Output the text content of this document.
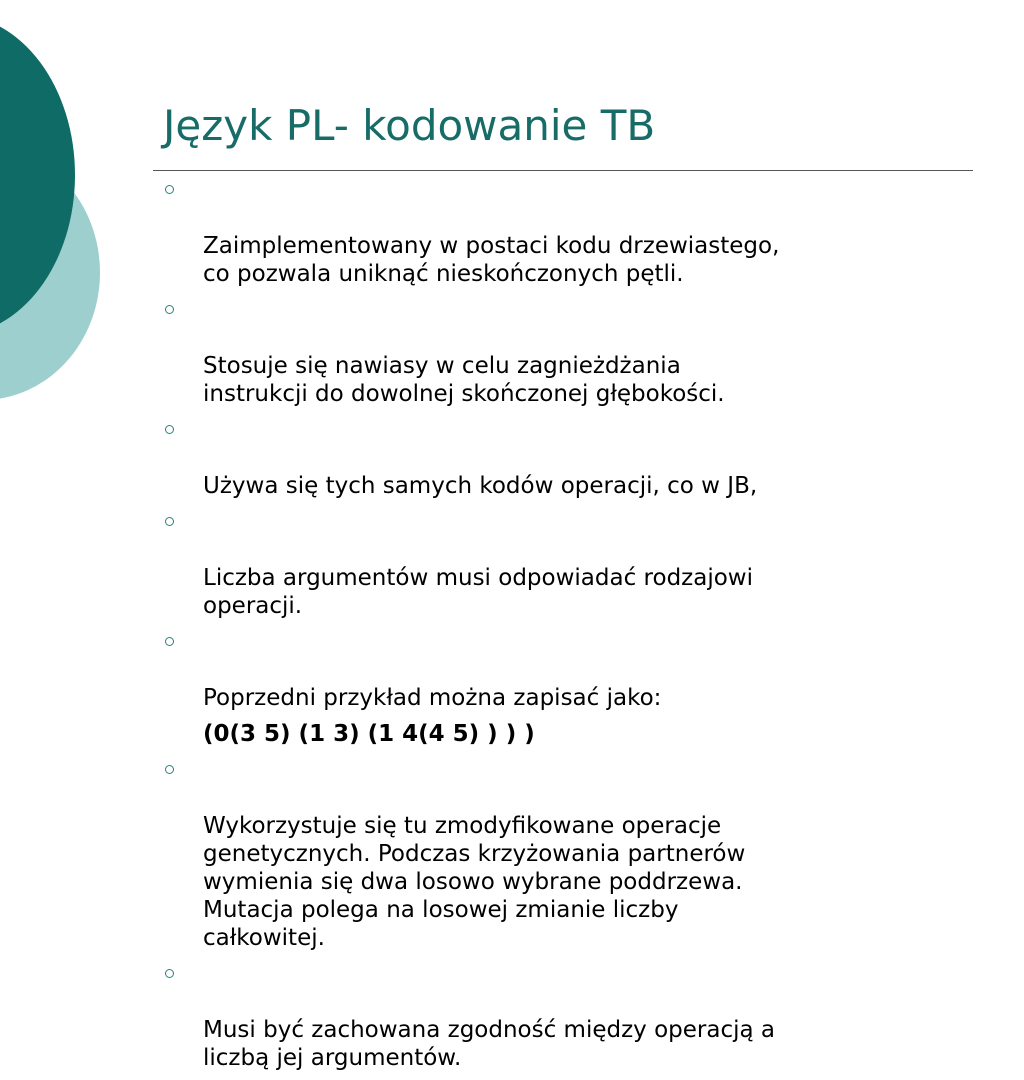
Język PL- kodowanie TB

Zaimplementowany w postaci kodu drzewiastego,
co pozwala uniknąć nieskończonych pętli.

Stosuje się nawiasy w celu zagnieżdżania
instrukcji do dowolnej skończonej głębokości.

Używa się tych samych kodów operacji, co w JB,

Liczba argumentów musi odpowiadać rodzajowi
operacji.

Poprzedni przykład można zapisać jako:

(0(3 5) (1 3) (1 4(4 5) ) ) )

Wykorzystuje się tu zmodyfikowane operacje
genetycznych. Podczas krzyżowania partnerów
wymienia się dwa losowo wybrane poddrzewa.
Mutacja polega na losowej zmianie liczby
całkowitej.

Musi być zachowana zgodność między operacją a
liczbą jej argumentów.
